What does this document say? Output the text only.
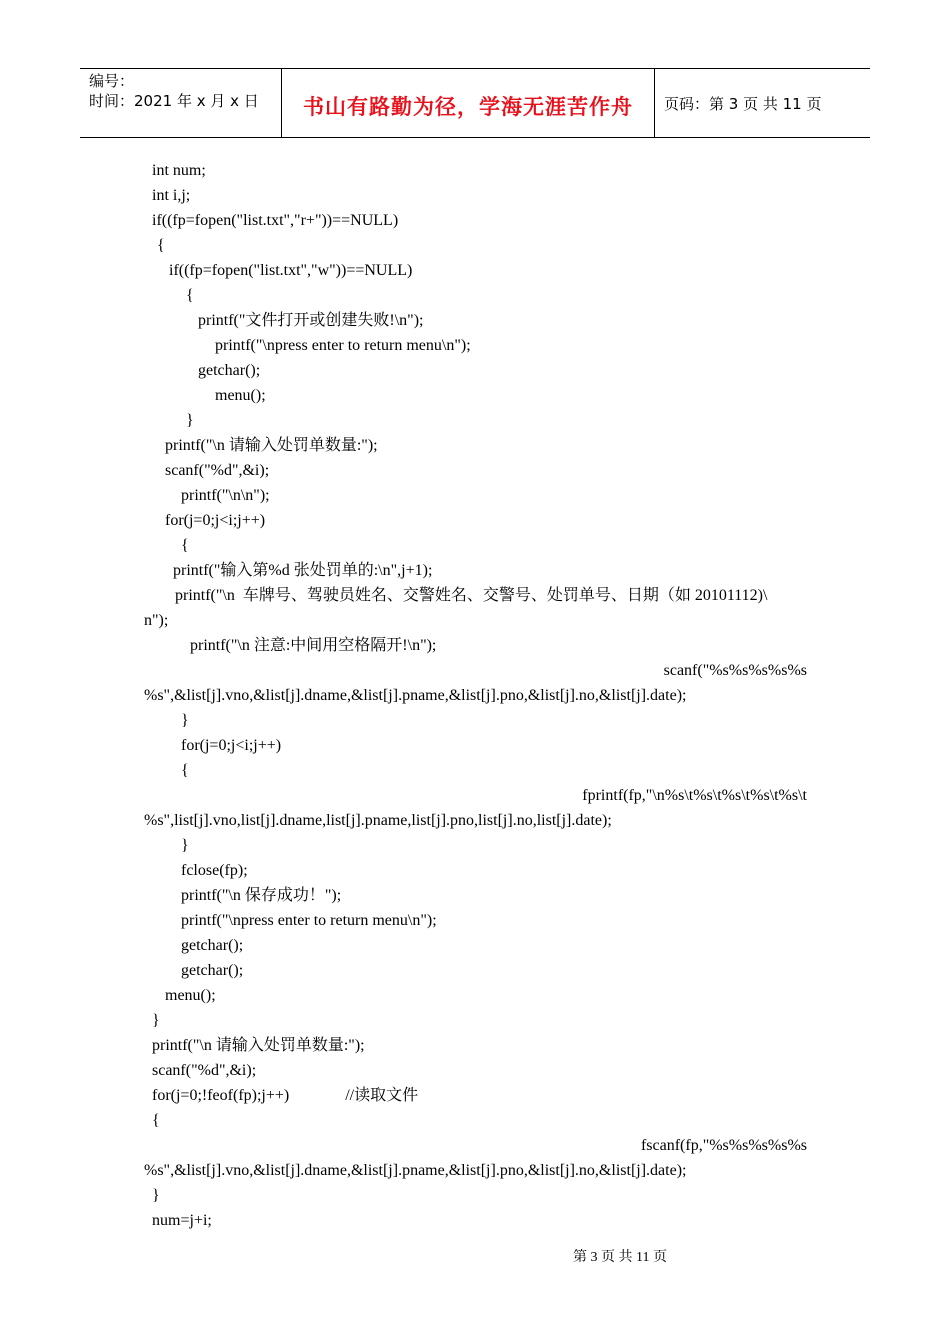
编号：
时间：2021 年 x 月 x 日	书山有路勤为径，学海无涯苦作舟	页码：第 3 页 共 11 页
int num;
int i,j;
if((fp=fopen("list.txt","r+"))==NULL)
{
if((fp=fopen("list.txt","w"))==NULL)
{
printf("文件打开或创建失败!\n");
printf("\npress enter to return menu\n");
getchar();
menu();
}
printf("\n 请输入处罚单数量:");
scanf("%d",&i);
printf("\n\n");
for(j=0;j<i;j++)
{
printf("输入第%d 张处罚单的:\n",j+1);
printf("\n  车牌号、驾驶员姓名、交警姓名、交警号、处罚单号、日期（如 20101112)\
n");
printf("\n 注意:中间用空格隔开!\n");
scanf("%s%s%s%s%s
%s",&list[j].vno,&list[j].dname,&list[j].pname,&list[j].pno,&list[j].no,&list[j].date);
}
for(j=0;j<i;j++)
{
fprintf(fp,"\n%s\t%s\t%s\t%s\t%s\t
%s",list[j].vno,list[j].dname,list[j].pname,list[j].pno,list[j].no,list[j].date);
}
fclose(fp);
printf("\n 保存成功！");
printf("\npress enter to return menu\n");
getchar();
getchar();
menu();
}
printf("\n 请输入处罚单数量:");
scanf("%d",&i);
for(j=0;!feof(fp);j++)              //读取文件
{
fscanf(fp,"%s%s%s%s%s
%s",&list[j].vno,&list[j].dname,&list[j].pname,&list[j].pno,&list[j].no,&list[j].date);
}
num=j+i;
第 3 页 共 11 页
